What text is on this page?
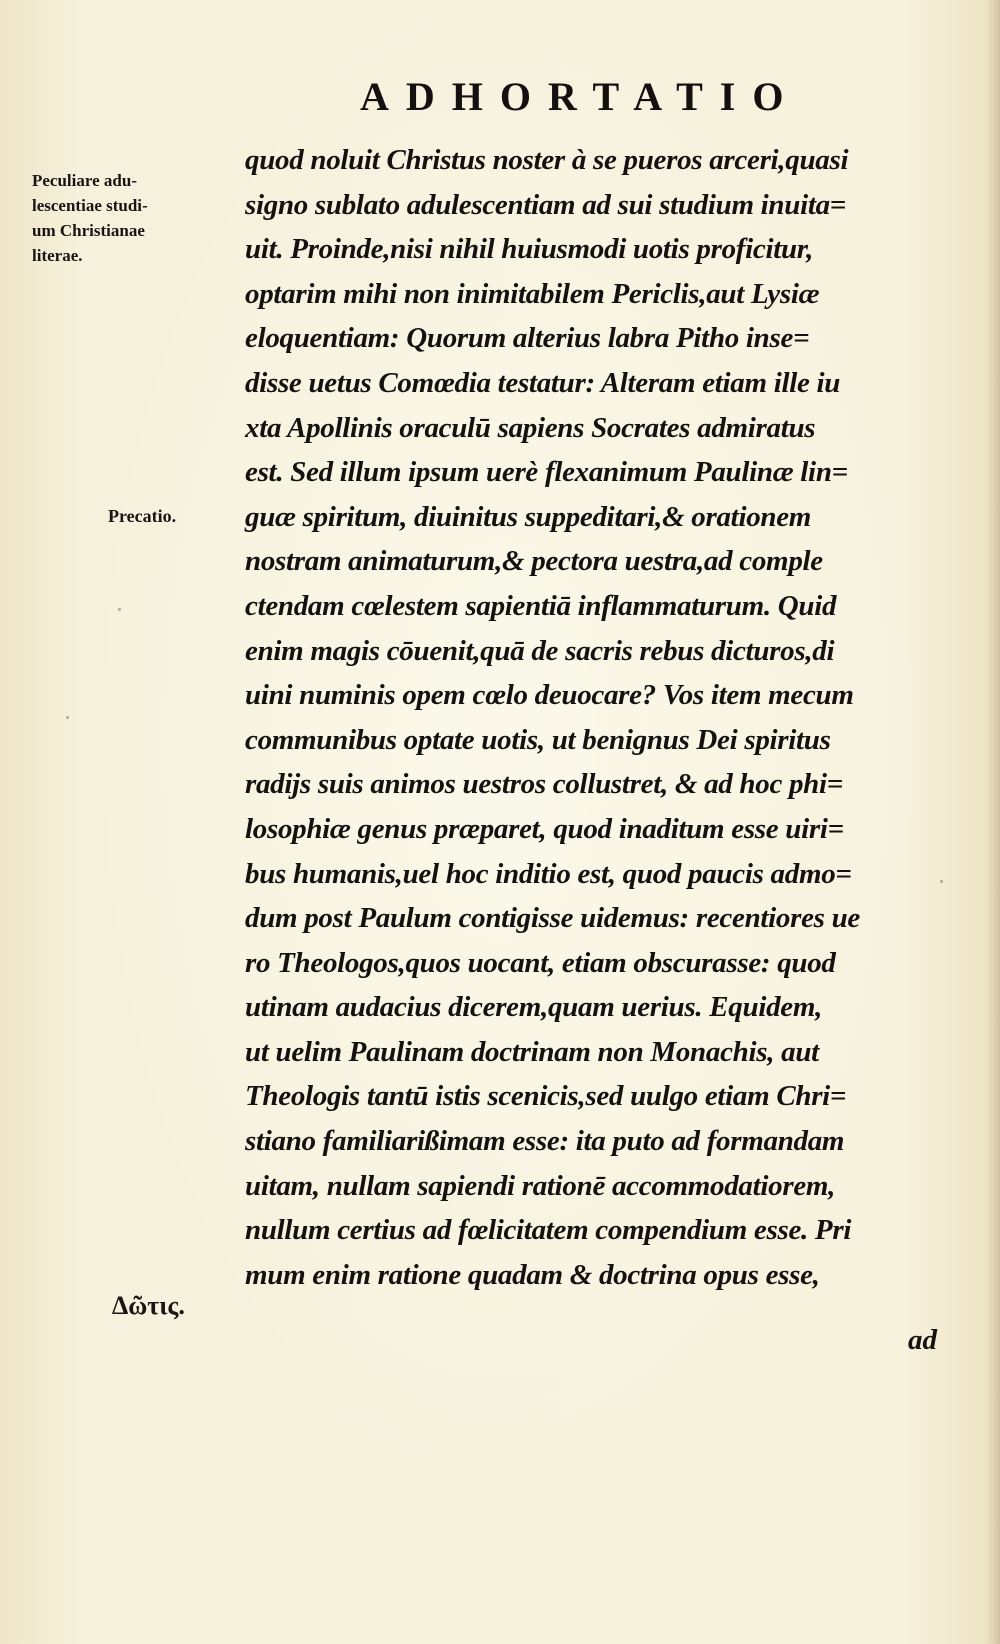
ADHORTATIO
Peculiare adu-
lescentiae studi-
um Christianae
literae.
Precatio.
Δῶτις.
quod noluit Christus noster à se pueros arceri,quasi
signo sublato adulescentiam ad sui studium inuita=
uit. Proinde,nisi nihil huiusmodi uotis proficitur,
optarim mihi non inimitabilem Periclis,aut Lysiæ
eloquentiam: Quorum alterius labra Pitho inse=
disse uetus Comœdia testatur: Alteram etiam ille iu
xta Apollinis oraculū sapiens Socrates admiratus
est. Sed illum ipsum uerè flexanimum Paulinæ lin=
guæ spiritum, diuinitus suppeditari,& orationem
nostram animaturum,& pectora uestra,ad comple
ctendam cœlestem sapientiā inflammaturum. Quid
enim magis cōuenit,quā de sacris rebus dicturos,di
uini numinis opem cœlo deuocare? Vos item mecum
communibus optate uotis, ut benignus Dei spiritus
radijs suis animos uestros collustret, & ad hoc phi=
losophiæ genus præparet, quod inaditum esse uiri=
bus humanis,uel hoc inditio est, quod paucis admo=
dum post Paulum contigisse uidemus: recentiores ue
ro Theologos,quos uocant, etiam obscurasse: quod
utinam audacius dicerem,quam uerius. Equidem,
ut uelim Paulinam doctrinam non Monachis, aut
Theologis tantū istis scenicis,sed uulgo etiam Chri=
stiano familiarißimam esse: ita puto ad formandam
uitam, nullam sapiendi rationē accommodatiorem,
nullum certius ad fœlicitatem compendium esse. Pri
mum enim ratione quadam & doctrina opus esse,
ad
